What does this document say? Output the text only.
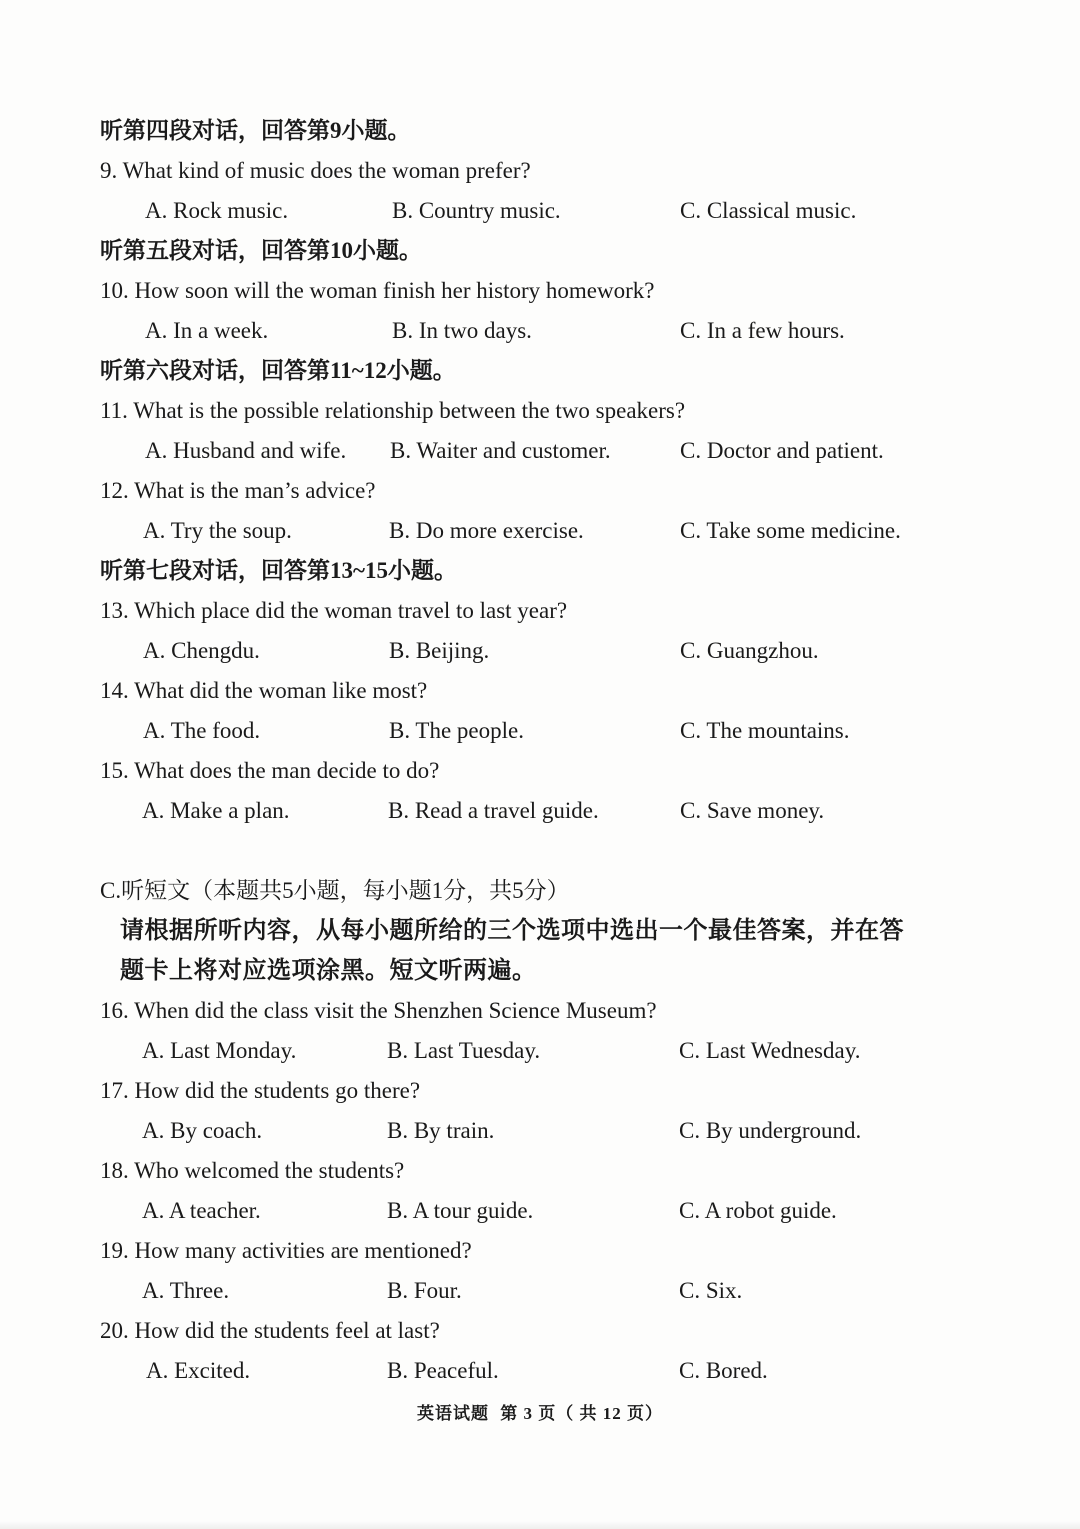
听第四段对话，回答第9小题。
9. What kind of music does the woman prefer?
A. Rock music.	B. Country music.	C. Classical music.
听第五段对话，回答第10小题。
10. How soon will the woman finish her history homework?
A. In a week.	B. In two days.	C. In a few hours.
听第六段对话，回答第11~12小题。
11. What is the possible relationship between the two speakers?
A. Husband and wife. B. Waiter and customer.	C. Doctor and patient.
12. What is the man’s advice?
A. Try the soup.	B. Do more exercise.	C. Take some medicine.
听第七段对话，回答第13~15小题。
13. Which place did the woman travel to last year?
A. Chengdu.	B. Beijing.	C. Guangzhou.
14. What did the woman like most?
A. The food.	B. The people.	C. The mountains.
15. What does the man decide to do?
A. Make a plan.	B. Read a travel guide.	C. Save money.
C.听短文（本题共5小题，每小题1分，共5分）
请根据所听内容，从每小题所给的三个选项中选出一个最佳答案，并在答
题卡上将对应选项涂黑。短文听两遍。
16. When did the class visit the Shenzhen Science Museum?
A. Last Monday.	B. Last Tuesday.	C. Last Wednesday.
17. How did the students go there?
A. By coach.	B. By train.	C. By underground.
18. Who welcomed the students?
A. A teacher.	B. A tour guide.	C. A robot guide.
19. How many activities are mentioned?
A. Three.	B. Four.	C. Six.
20. How did the students feel at last?
A. Excited.	B. Peaceful.	C. Bored.
英语试题 第 3 页（ 共 12 页）
